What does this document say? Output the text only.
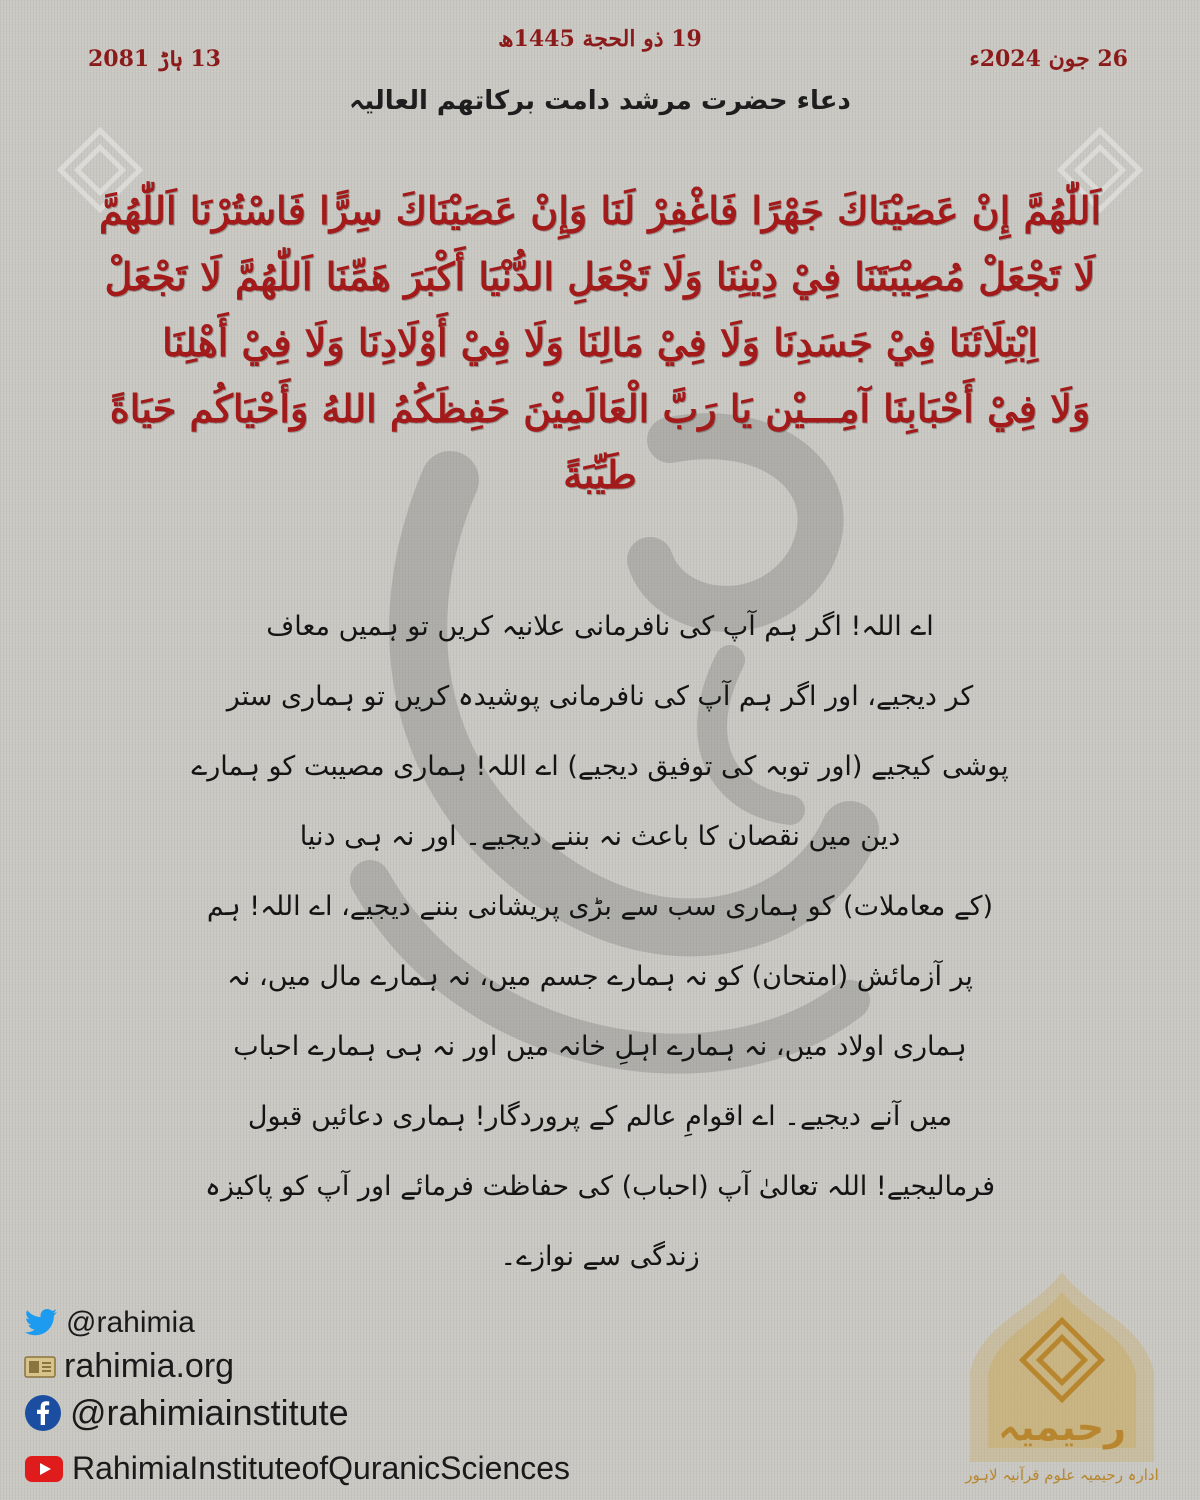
26 جون 2024ء
19 ذو الحجة 1445ھ
13 ہاڑ 2081
دعاء حضرت مرشد دامت برکاتھم العالیہ
اَللّٰهُمَّ إِنْ عَصَيْنَاكَ جَهْرًا فَاغْفِرْ لَنَا وَإِنْ عَصَيْنَاكَ سِرًّا فَاسْتُرْنَا اَللّٰهُمَّ
لَا تَجْعَلْ مُصِيْبَتَنَا فِيْ دِيْنِنَا وَلَا تَجْعَلِ الدُّنْيَا أَكْبَرَ هَمِّنَا اَللّٰهُمَّ لَا تَجْعَلْ
اِبْتِلَائَنَا فِيْ جَسَدِنَا وَلَا فِيْ مَالِنَا وَلَا فِيْ أَوْلَادِنَا وَلَا فِيْ أَهْلِنَا
وَلَا فِيْ أَحْبَابِنَا آمِـــيْن يَا رَبَّ الْعَالَمِيْنَ حَفِظَكُمُ اللهُ وَأَحْيَاكُم حَيَاةً
طَيِّبَةً
اے اللہ! اگر ہم آپ کی نافرمانی علانیہ کریں تو ہمیں معاف
کر دیجیے، اور اگر ہم آپ کی نافرمانی پوشیدہ کریں تو ہماری ستر
پوشی کیجیے (اور توبہ کی توفیق دیجیے) اے اللہ! ہماری مصیبت کو ہمارے
دین میں نقصان کا باعث نہ بننے دیجیے۔ اور نہ ہی دنیا
(کے معاملات) کو ہماری سب سے بڑی پریشانی بننے دیجیے، اے اللہ! ہم
پر آزمائش (امتحان) کو نہ ہمارے جسم میں، نہ ہمارے مال میں، نہ
ہماری اولاد میں، نہ ہمارے اہلِ خانہ میں اور نہ ہی ہمارے احباب
میں آنے دیجیے۔ اے اقوامِ عالم کے پروردگار! ہماری دعائیں قبول
فرمالیجیے! اللہ تعالیٰ آپ (احباب) کی حفاظت فرمائے اور آپ کو پاکیزہ
زندگی سے نوازے۔
@rahimia
rahimia.org
@rahimiainstitute
RahimiaInstituteofQuranicSciences
رحیمیہ
ادارہ رحیمیہ علوم قرآنیہ لاہور
